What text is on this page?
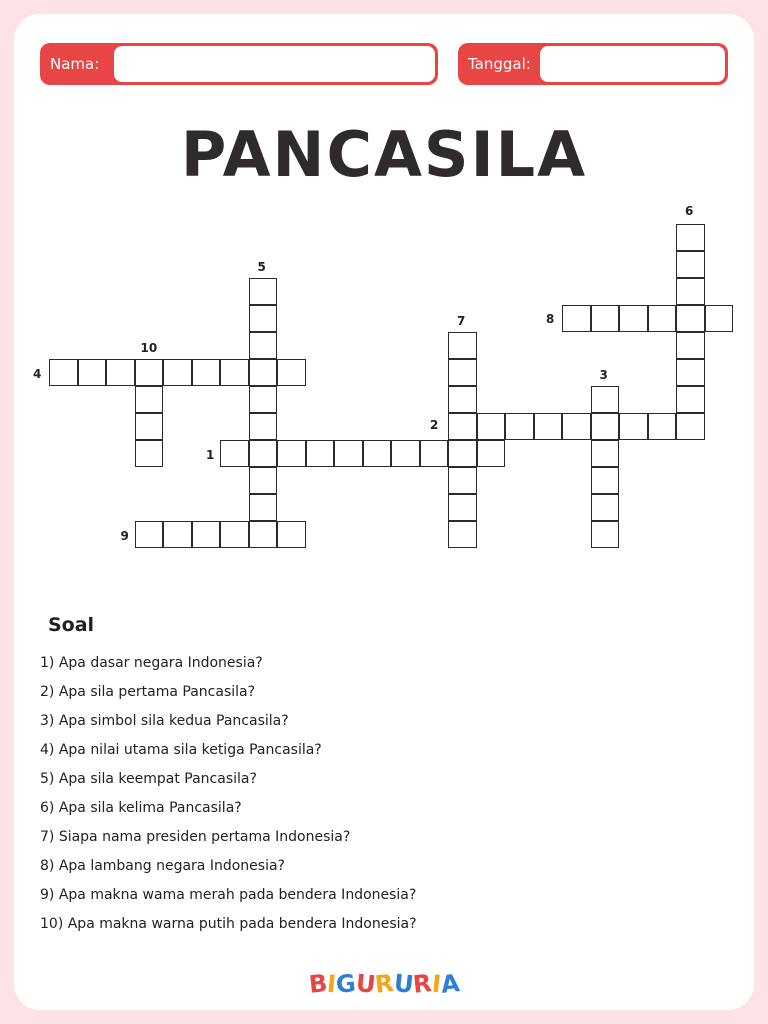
Nama:	Tanggal:
PANCASILA
1
2
3
4
5
6
7	8
9
10
Soal
1) Apa dasar negara Indonesia?
2) Apa sila pertama Pancasila?
3) Apa simbol sila kedua Pancasila?
4) Apa nilai utama sila ketiga Pancasila?
5) Apa sila keempat Pancasila?
6) Apa sila kelima Pancasila?
7) Siapa nama presiden pertama Indonesia?
8) Apa lambang negara Indonesia?
9) Apa makna wama merah pada bendera Indonesia?
10) Apa makna warna putih pada bendera Indonesia?
BIGURURIA
